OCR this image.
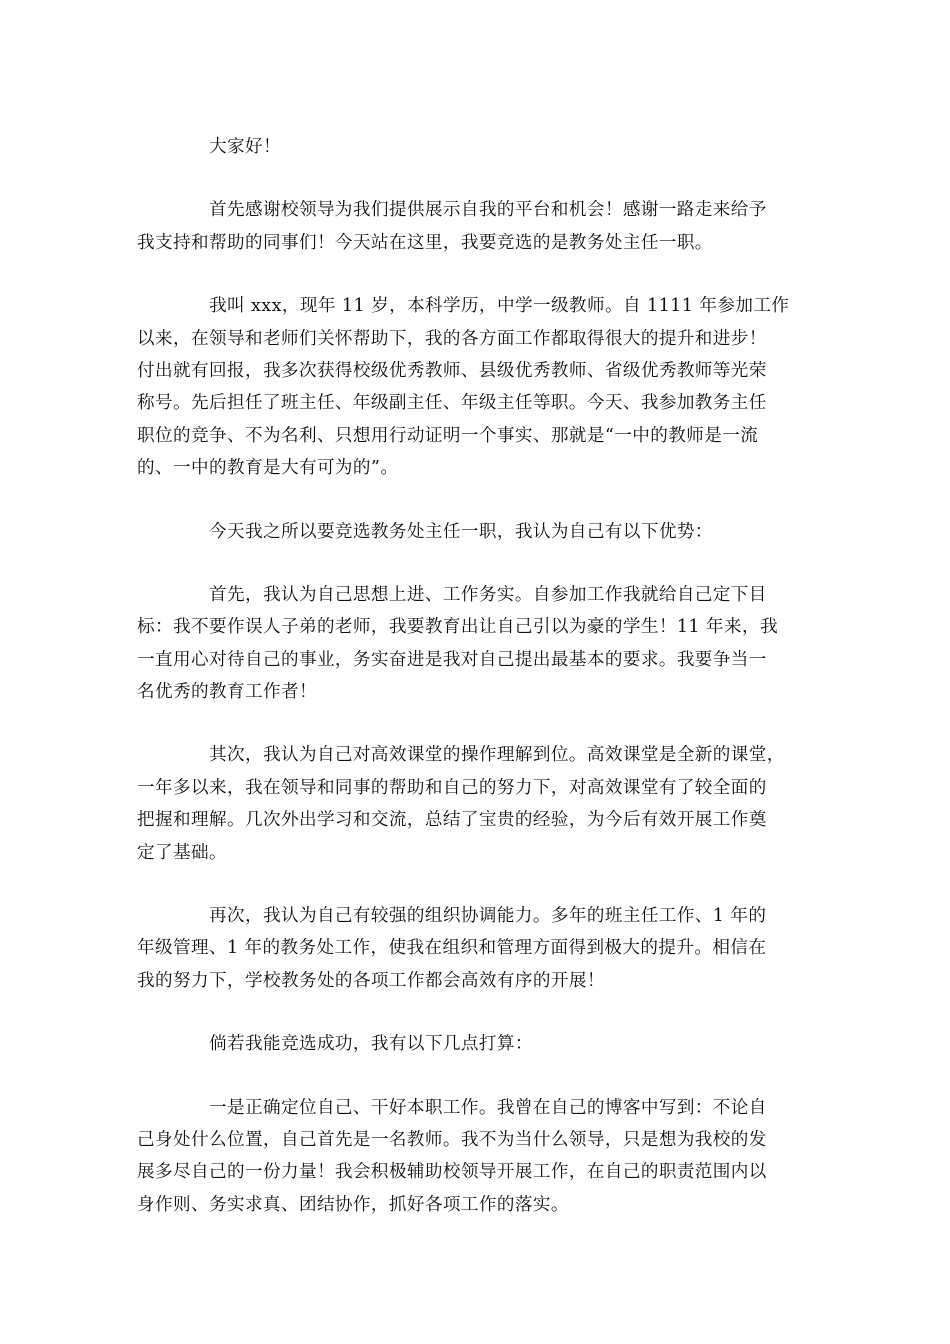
　　　　大家好！

　　　　首先感谢校领导为我们提供展示自我的平台和机会！感谢一路走来给予
我支持和帮助的同事们！今天站在这里，我要竞选的是教务处主任一职。

　　　　我叫 xxx，现年 11 岁，本科学历，中学一级教师。自 1111 年参加工作
以来，在领导和老师们关怀帮助下，我的各方面工作都取得很大的提升和进步！
付出就有回报，我多次获得校级优秀教师、县级优秀教师、省级优秀教师等光荣
称号。先后担任了班主任、年级副主任、年级主任等职。今天、我参加教务主任
职位的竞争、不为名利、只想用行动证明一个事实、那就是“一中的教师是一流
的、一中的教育是大有可为的”。

　　　　今天我之所以要竞选教务处主任一职，我认为自己有以下优势：

　　　　首先，我认为自己思想上进、工作务实。自参加工作我就给自己定下目
标：我不要作误人子弟的老师，我要教育出让自己引以为豪的学生！11 年来，我
一直用心对待自己的事业，务实奋进是我对自己提出最基本的要求。我要争当一
名优秀的教育工作者！

　　　　其次，我认为自己对高效课堂的操作理解到位。高效课堂是全新的课堂，
一年多以来，我在领导和同事的帮助和自己的努力下，对高效课堂有了较全面的
把握和理解。几次外出学习和交流，总结了宝贵的经验，为今后有效开展工作奠
定了基础。

　　　　再次，我认为自己有较强的组织协调能力。多年的班主任工作、1 年的
年级管理、1 年的教务处工作，使我在组织和管理方面得到极大的提升。相信在
我的努力下，学校教务处的各项工作都会高效有序的开展！

　　　　倘若我能竞选成功，我有以下几点打算：

　　　　一是正确定位自己、干好本职工作。我曾在自己的博客中写到：不论自
己身处什么位置，自己首先是一名教师。我不为当什么领导，只是想为我校的发
展多尽自己的一份力量！我会积极辅助校领导开展工作，在自己的职责范围内以
身作则、务实求真、团结协作，抓好各项工作的落实。
